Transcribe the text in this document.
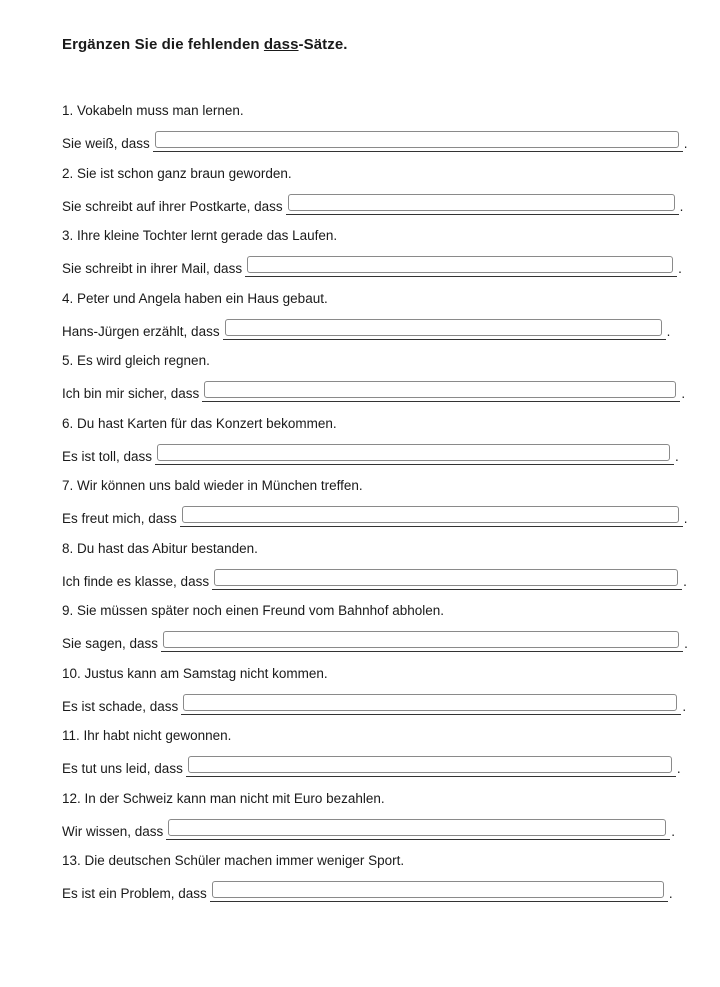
Ergänzen Sie die fehlenden dass-Sätze.
1. Vokabeln muss man lernen.
Sie weiß, dass	.
2. Sie ist schon ganz braun geworden.
Sie schreibt auf ihrer Postkarte, dass	.
3. Ihre kleine Tochter lernt gerade das Laufen.
Sie schreibt in ihrer Mail, dass	.
4. Peter und Angela haben ein Haus gebaut.
Hans-Jürgen erzählt, dass	.
5. Es wird gleich regnen.
Ich bin mir sicher, dass	.
6. Du hast Karten für das Konzert bekommen.
Es ist toll, dass	.
7. Wir können uns bald wieder in München treffen.
Es freut mich, dass	.
8. Du hast das Abitur bestanden.
Ich finde es klasse, dass	.
9. Sie müssen später noch einen Freund vom Bahnhof abholen.
Sie sagen, dass	.
10. Justus kann am Samstag nicht kommen.
Es ist schade, dass	.
11. Ihr habt nicht gewonnen.
Es tut uns leid, dass	.
12. In der Schweiz kann man nicht mit Euro bezahlen.
Wir wissen, dass	.
13. Die deutschen Schüler machen immer weniger Sport.
Es ist ein Problem, dass	.
